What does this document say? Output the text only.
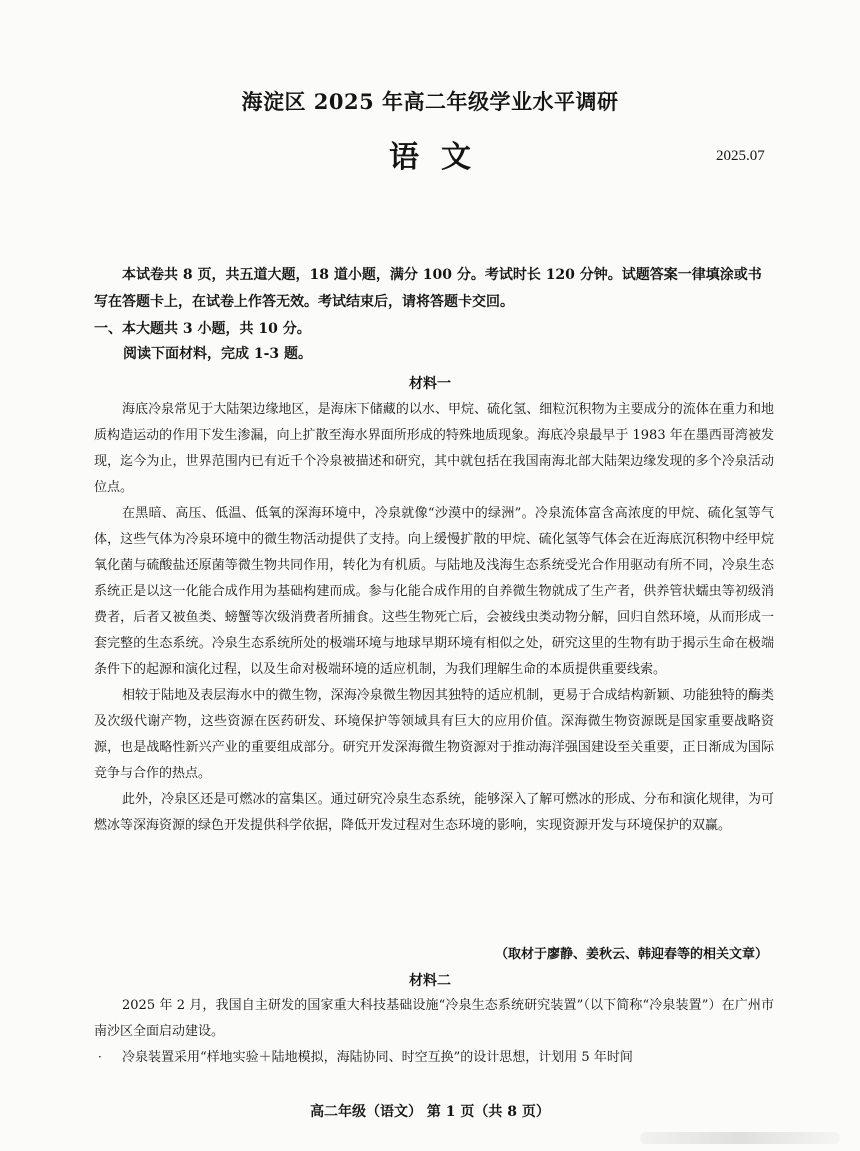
海淀区 2025 年高二年级学业水平调研
语文	2025.07
本试卷共 8 页，共五道大题，18 道小题，满分 100 分。考试时长 120 分钟。试题答案一律填涂或书写在答题卡上，在试卷上作答无效。考试结束后，请将答题卡交回。
一、本大题共 3 小题，共 10 分。
阅读下面材料，完成 1-3 题。
材料一

海底冷泉常见于大陆架边缘地区，是海床下储藏的以水、甲烷、硫化氢、细粒沉积物为主要成分的流体在重力和地质构造运动的作用下发生渗漏，向上扩散至海水界面所形成的特殊地质现象。海底冷泉最早于 1983 年在墨西哥湾被发现，迄今为止，世界范围内已有近千个冷泉被描述和研究，其中就包括在我国南海北部大陆架边缘发现的多个冷泉活动位点。

在黑暗、高压、低温、低氧的深海环境中，冷泉就像“沙漠中的绿洲”。冷泉流体富含高浓度的甲烷、硫化氢等气体，这些气体为冷泉环境中的微生物活动提供了支持。向上缓慢扩散的甲烷、硫化氢等气体会在近海底沉积物中经甲烷氧化菌与硫酸盐还原菌等微生物共同作用，转化为有机质。与陆地及浅海生态系统受光合作用驱动有所不同，冷泉生态系统正是以这一化能合成作用为基础构建而成。参与化能合成作用的自养微生物就成了生产者，供养管状蠕虫等初级消费者，后者又被鱼类、螃蟹等次级消费者所捕食。这些生物死亡后，会被线虫类动物分解，回归自然环境，从而形成一套完整的生态系统。冷泉生态系统所处的极端环境与地球早期环境有相似之处，研究这里的生物有助于揭示生命在极端条件下的起源和演化过程，以及生命对极端环境的适应机制，为我们理解生命的本质提供重要线索。

相较于陆地及表层海水中的微生物，深海冷泉微生物因其独特的适应机制，更易于合成结构新颖、功能独特的酶类及次级代谢产物，这些资源在医药研发、环境保护等领域具有巨大的应用价值。深海微生物资源既是国家重要战略资源，也是战略性新兴产业的重要组成部分。研究开发深海微生物资源对于推动海洋强国建设至关重要，正日渐成为国际竞争与合作的热点。

此外，冷泉区还是可燃冰的富集区。通过研究冷泉生态系统，能够深入了解可燃冰的形成、分布和演化规律，为可燃冰等深海资源的绿色开发提供科学依据，降低开发过程对生态环境的影响，实现资源开发与环境保护的双赢。

（取材于廖静、姜秋云、韩迎春等的相关文章）
材料二

2025 年 2 月，我国自主研发的国家重大科技基础设施“冷泉生态系统研究装置”（以下简称“冷泉装置”）在广州市南沙区全面启动建设。

冷泉装置采用“样地实验＋陆地模拟，海陆协同、时空互换”的设计思想，计划用 5 年时间

·
高二年级（语文） 第 1 页（共 8 页）
